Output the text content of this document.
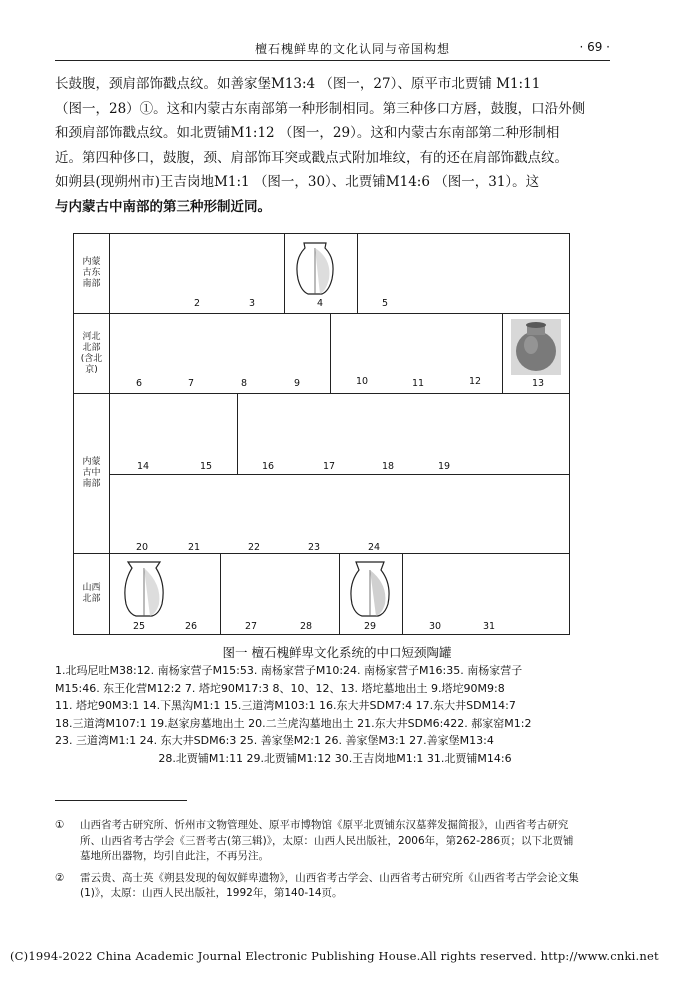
檀石槐鲜卑的文化认同与帝国构想	· 69 ·

长鼓腹，颈肩部饰戳点纹。如善家堡M13:4 （图一，27）、原平市北贾铺 M1:11

（图一，28）①。这和内蒙古东南部第一种形制相同。第三种侈口方唇，鼓腹，口沿外侧

和颈肩部饰戳点纹。如北贾铺M1:12 （图一，29）。这和内蒙古东南部第二种形制相

近。第四种侈口，鼓腹，颈、肩部饰耳突或戳点式附加堆纹，有的还在肩部饰戳点纹。

如朔县(现朔州市)王吉岗地M1:1 （图一，30）、北贾铺M14:6 （图一，31）。这

与内蒙古中南部的第三种形制近同。

内蒙古东南部
2	3	4	5
河北北部(含北京)
6	7	8	9	10	11	12	13
内蒙古中南部
14	15	16	17	18	19
20	21	22	23	24
山西北部
25	26	27	28	29	30	31
图一 檀石槐鲜卑文化系统的中口短颈陶罐

1.北玛尼吐M38:12. 南杨家营子M15:53. 南杨家营子M10:24. 南杨家营子M16:35. 南杨家营子

M15:46. 东王化营M12:2 7. 塔坨90M17:3 8、10、12、13. 塔坨墓地出土 9.塔坨90M9:8

11. 塔坨90M3:1 14.下黑沟M1:1 15.三道湾M103:1 16.东大井SDM7:4 17.东大井SDM14:7

18.三道湾M107:1 19.赵家房墓地出土 20.二兰虎沟墓地出土 21.东大井SDM6:422. 郝家窑M1:2

23. 三道湾M1:1 24. 东大井SDM6:3 25. 善家堡M2:1 26. 善家堡M3:1 27.善家堡M13:4

28.北贾铺M1:11 29.北贾铺M1:12 30.王吉岗地M1:1 31.北贾铺M14:6

① 山西省考古研究所、忻州市文物管理处、原平市博物馆《原平北贾铺东汉墓葬发掘简报》，山西省考古研究
所、山西省考古学会《三晋考古(第三辑)》，太原：山西人民出版社，2006年，第262-286页；以下北贾铺
墓地所出器物，均引自此注，不再另注。
② 雷云贵、高士英《朔县发现的匈奴鲜卑遗物》，山西省考古学会、山西省考古研究所《山西省考古学会论文集
(1)》，太原：山西人民出版社，1992年，第140-14页。
(C)1994-2022 China Academic Journal Electronic Publishing House.All rights reserved. http://www.cnki.net
